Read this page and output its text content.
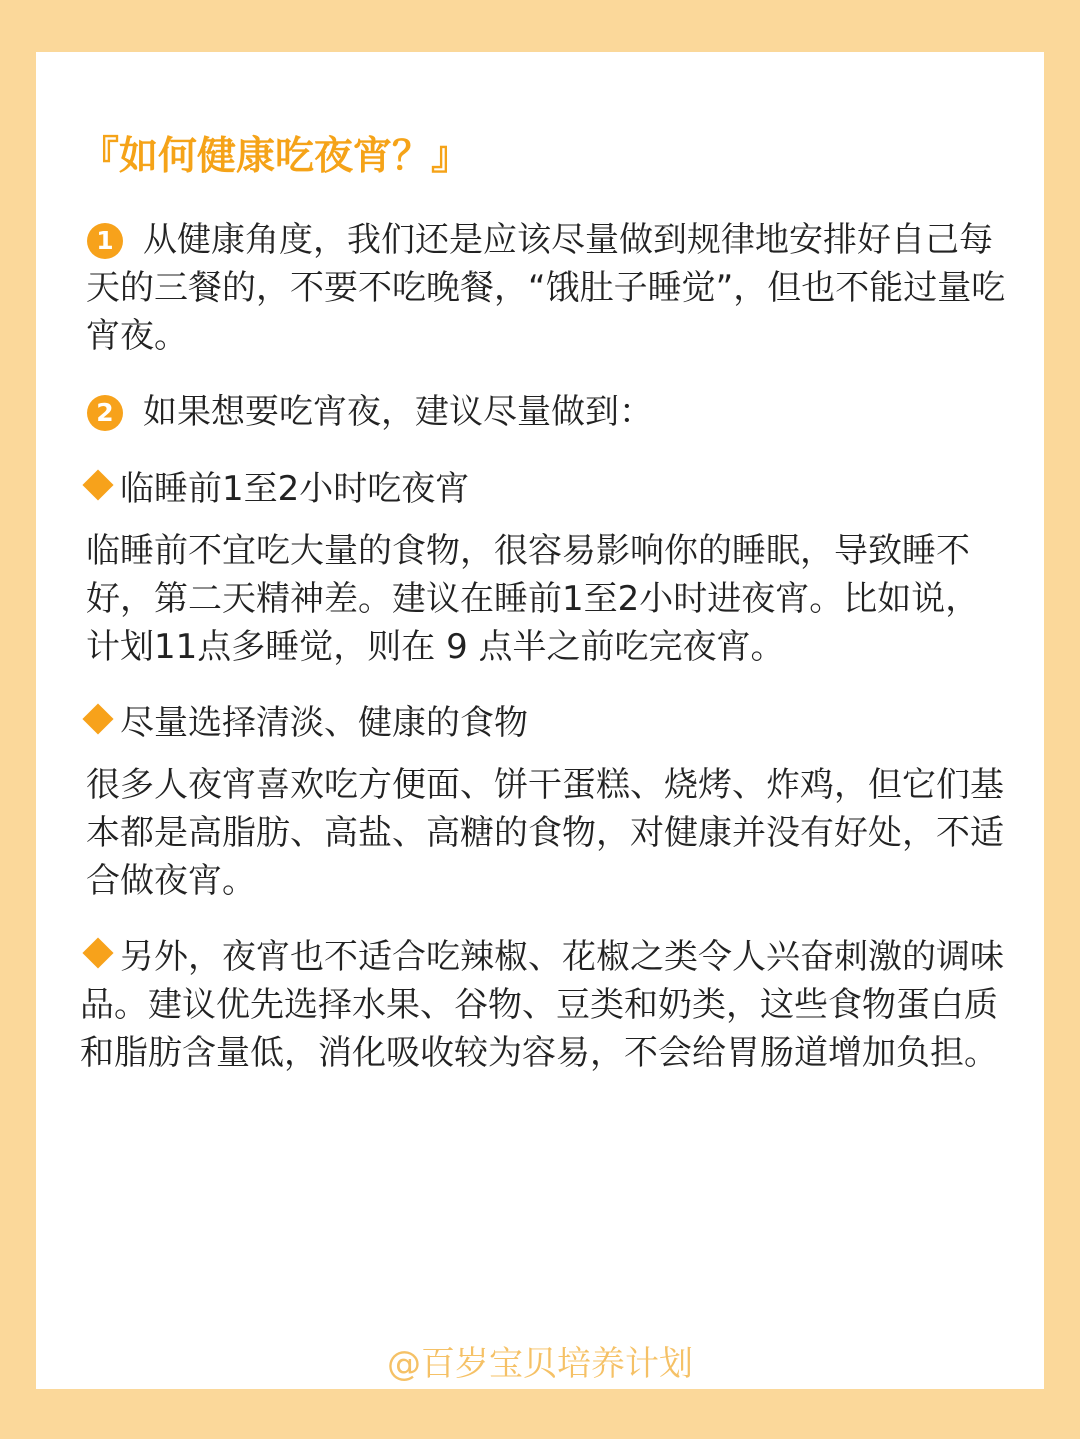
『如何健康吃夜宵？』
1 从健康角度，我们还是应该尽量做到规律地安排好自己每天的三餐的，不要不吃晚餐，“饿肚子睡觉”，但也不能过量吃宵夜。
2 如果想要吃宵夜，建议尽量做到：
临睡前1至2小时吃夜宵
临睡前不宜吃大量的食物，很容易影响你的睡眠，导致睡不好，第二天精神差。建议在睡前1至2小时进夜宵。比如说，计划11点多睡觉，则在 9 点半之前吃完夜宵。
尽量选择清淡、健康的食物
很多人夜宵喜欢吃方便面、饼干蛋糕、烧烤、炸鸡，但它们基本都是高脂肪、高盐、高糖的食物，对健康并没有好处，不适合做夜宵。
另外，夜宵也不适合吃辣椒、花椒之类令人兴奋刺激的调味品。建议优先选择水果、谷物、豆类和奶类，这些食物蛋白质和脂肪含量低，消化吸收较为容易，不会给胃肠道增加负担。
@百岁宝贝培养计划
